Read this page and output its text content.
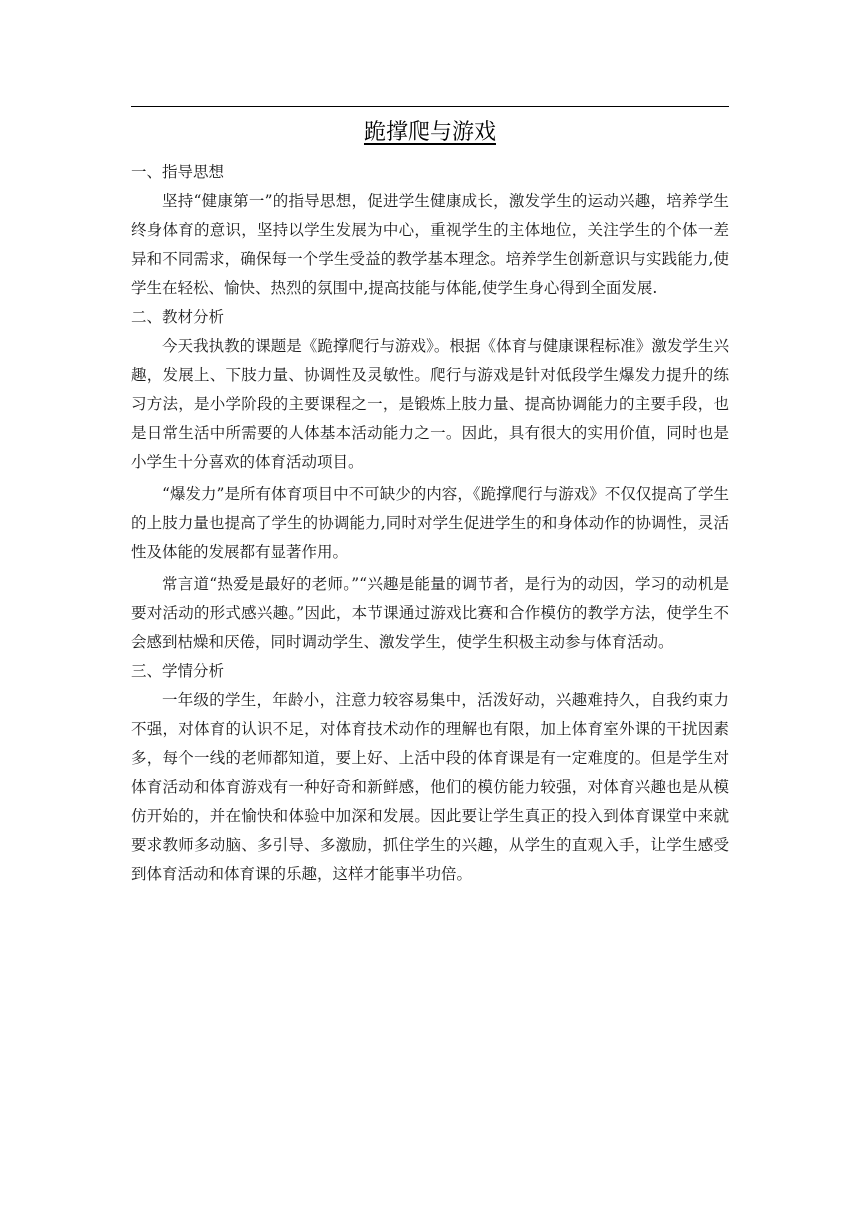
跪撑爬与游戏
一、指导思想

坚持“健康第一”的指导思想，促进学生健康成长，激发学生的运动兴趣，培养学生终身体育的意识，坚持以学生发展为中心，重视学生的主体地位，关注学生的个体一差异和不同需求，确保每一个学生受益的教学基本理念。培养学生创新意识与实践能力,使学生在轻松、愉快、热烈的氛围中,提高技能与体能,使学生身心得到全面发展.

二、教材分析

今天我执教的课题是《跪撑爬行与游戏》。根据《体育与健康课程标准》激发学生兴趣，发展上、下肢力量、协调性及灵敏性。爬行与游戏是针对低段学生爆发力提升的练习方法，是小学阶段的主要课程之一，是锻炼上肢力量、提高协调能力的主要手段，也是日常生活中所需要的人体基本活动能力之一。因此，具有很大的实用价值，同时也是小学生十分喜欢的体育活动项目。

“爆发力”是所有体育项目中不可缺少的内容，《跪撑爬行与游戏》不仅仅提高了学生的上肢力量也提高了学生的协调能力,同时对学生促进学生的和身体动作的协调性，灵活性及体能的发展都有显著作用。

常言道“热爱是最好的老师。”“兴趣是能量的调节者，是行为的动因，学习的动机是要对活动的形式感兴趣。”因此，本节课通过游戏比赛和合作模仿的教学方法，使学生不会感到枯燥和厌倦，同时调动学生、激发学生，使学生积极主动参与体育活动。

三、学情分析

一年级的学生，年龄小，注意力较容易集中，活泼好动，兴趣难持久，自我约束力不强，对体育的认识不足，对体育技术动作的理解也有限，加上体育室外课的干扰因素多，每个一线的老师都知道，要上好、上活中段的体育课是有一定难度的。但是学生对体育活动和体育游戏有一种好奇和新鲜感，他们的模仿能力较强，对体育兴趣也是从模仿开始的，并在愉快和体验中加深和发展。因此要让学生真正的投入到体育课堂中来就要求教师多动脑、多引导、多激励，抓住学生的兴趣，从学生的直观入手，让学生感受到体育活动和体育课的乐趣，这样才能事半功倍。
